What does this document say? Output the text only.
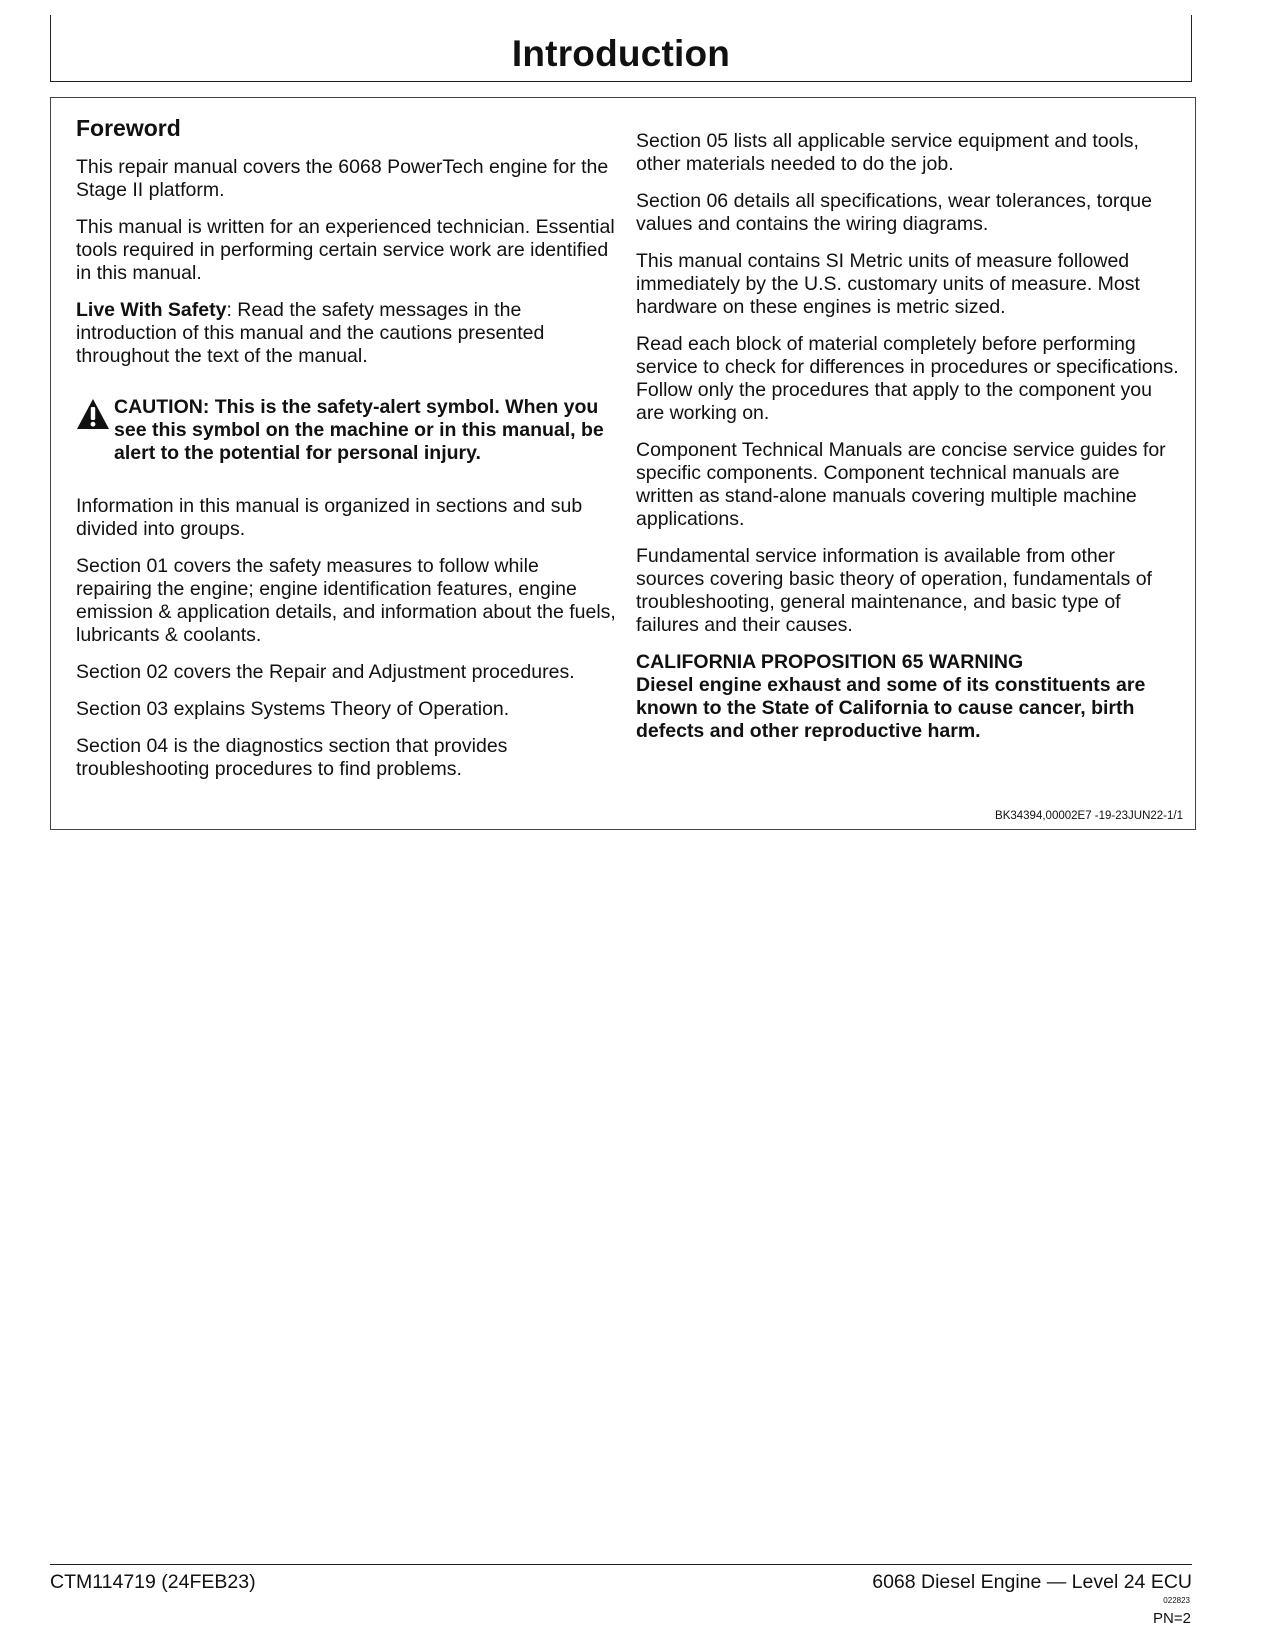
Introduction
Foreword

This repair manual covers the 6068 PowerTech engine for the Stage II platform.

This manual is written for an experienced technician. Essential tools required in performing certain service work are identified in this manual.

Live With Safety: Read the safety messages in the introduction of this manual and the cautions presented throughout the text of the manual.

CAUTION: This is the safety-alert symbol. When you see this symbol on the machine or in this manual, be alert to the potential for personal injury.

Information in this manual is organized in sections and sub divided into groups.

Section 01 covers the safety measures to follow while repairing the engine; engine identification features, engine emission & application details, and information about the fuels, lubricants & coolants.

Section 02 covers the Repair and Adjustment procedures.

Section 03 explains Systems Theory of Operation.

Section 04 is the diagnostics section that provides troubleshooting procedures to find problems.

Section 05 lists all applicable service equipment and tools, other materials needed to do the job.

Section 06 details all specifications, wear tolerances, torque values and contains the wiring diagrams.

This manual contains SI Metric units of measure followed immediately by the U.S. customary units of measure. Most hardware on these engines is metric sized.

Read each block of material completely before performing service to check for differences in procedures or specifications. Follow only the procedures that apply to the component you are working on.

Component Technical Manuals are concise service guides for specific components. Component technical manuals are written as stand-alone manuals covering multiple machine applications.

Fundamental service information is available from other sources covering basic theory of operation, fundamentals of troubleshooting, general maintenance, and basic type of failures and their causes.

CALIFORNIA PROPOSITION 65 WARNING
Diesel engine exhaust and some of its constituents are known to the State of California to cause cancer, birth defects and other reproductive harm.
BK34394,00002E7 -19-23JUN22-1/1
CTM114719 (24FEB23)	6068 Diesel Engine — Level 24 ECU
022823
PN=2
